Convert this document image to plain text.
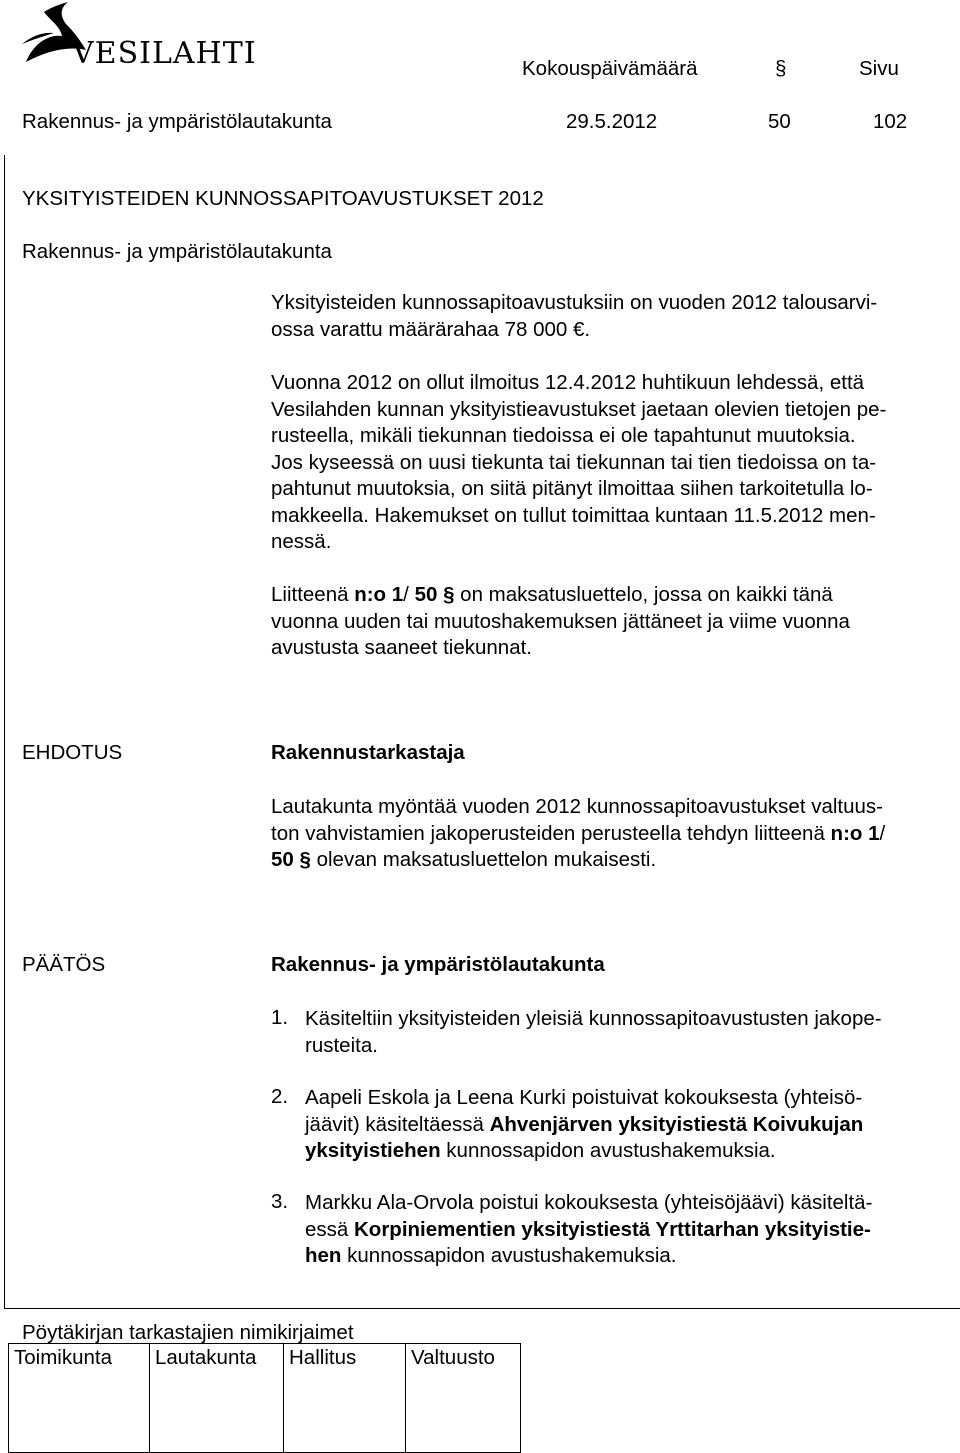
VESILAHTI	Kokouspäivämäärä	§	Sivu
Rakennus- ja ympäristölautakunta	29.5.2012	50	102
YKSITYISTEIDEN KUNNOSSAPITOAVUSTUKSET 2012
Rakennus- ja ympäristölautakunta
Yksityisteiden kunnossapitoavustuksiin on vuoden 2012 talousarvi-
ossa varattu määrärahaa 78 000 €.
Vuonna 2012 on ollut ilmoitus 12.4.2012 huhtikuun lehdessä, että
Vesilahden kunnan yksityistieavustukset jaetaan olevien tietojen pe-
rusteella, mikäli tiekunnan tiedoissa ei ole tapahtunut muutoksia.
Jos kyseessä on uusi tiekunta tai tiekunnan tai tien tiedoissa on ta-
pahtunut muutoksia, on siitä pitänyt ilmoittaa siihen tarkoitetulla lo-
makkeella. Hakemukset on tullut toimittaa kuntaan 11.5.2012 men-
nessä.
Liitteenä n:o 1/ 50 § on maksatusluettelo, jossa on kaikki tänä
vuonna uuden tai muutoshakemuksen jättäneet ja viime vuonna
avustusta saaneet tiekunnat.
EHDOTUS	Rakennustarkastaja
Lautakunta myöntää vuoden 2012 kunnossapitoavustukset valtuus-
ton vahvistamien jakoperusteiden perusteella tehdyn liitteenä n:o 1/
50 § olevan maksatusluettelon mukaisesti.
PÄÄTÖS	Rakennus- ja ympäristölautakunta
1. Käsiteltiin yksityisteiden yleisiä kunnossapitoavustusten jakope-
rusteita.
2. Aapeli Eskola ja Leena Kurki poistuivat kokouksesta (yhteisö-
jäävit) käsiteltäessä Ahvenjärven yksityistiestä Koivukujan
yksityistiehen kunnossapidon avustushakemuksia.
3. Markku Ala-Orvola poistui kokouksesta (yhteisöjäävi) käsiteltä-
essä Korpiniementien yksityistiestä Yrttitarhan yksityistie-
hen kunnossapidon avustushakemuksia.
Pöytäkirjan tarkastajien nimikirjaimet
Toimikunta	Lautakunta	Hallitus	Valtuusto
